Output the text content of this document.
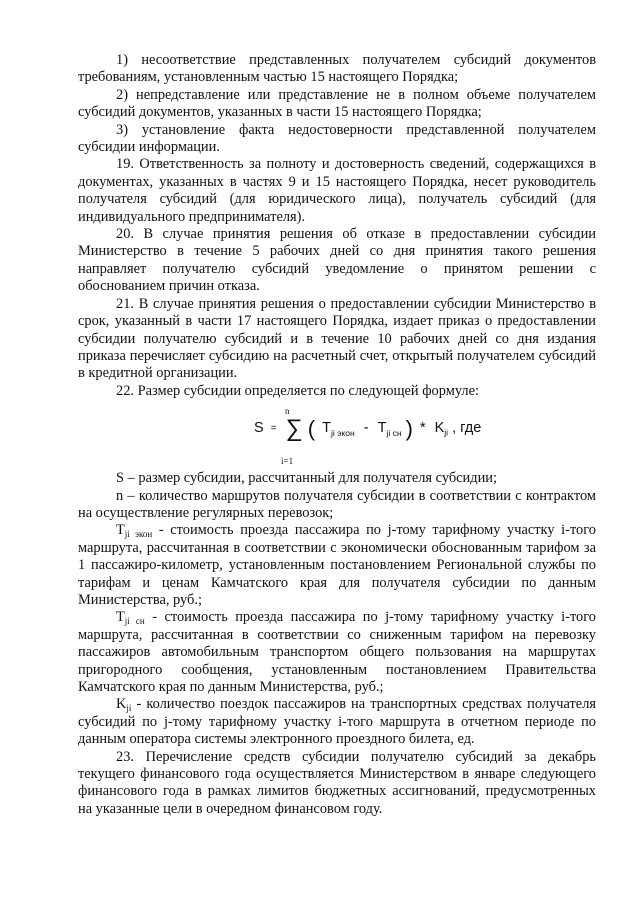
1) несоответствие представленных получателем субсидий документов требованиям, установленным частью 15 настоящего Порядка;

2) непредставление или представление не в полном объеме получателем субсидий документов, указанных в части 15 настоящего Порядка;

3) установление факта недостоверности представленной получателем субсидии информации.

19. Ответственность за полноту и достоверность сведений, содержащихся в документах, указанных в частях 9 и 15 настоящего Порядка, несет руководитель получателя субсидий (для юридического лица), получатель субсидий (для индивидуального предпринимателя).

20. В случае принятия решения об отказе в предоставлении субсидии Министерство в течение 5 рабочих дней со дня принятия такого решения направляет получателю субсидий уведомление о принятом решении с обоснованием причин отказа.

21. В случае принятия решения о предоставлении субсидии Министерство в срок, указанный в части 17 настоящего Порядка, издает приказ о предоставлении субсидии получателю субсидий и в течение 10 рабочих дней со дня издания приказа перечисляет субсидию на расчетный счет, открытый получателем субсидий в кредитной организации.

22. Размер субсидии определяется по следующей формуле:

n
i=1
S = ∑ ( $T_{ji экон} - T_{ji сн}$ ) * $K_{ji}$ , где

S – размер субсидии, рассчитанный для получателя субсидии;

n – количество маршрутов получателя субсидии в соответствии с контрактом на осуществление регулярных перевозок;

$T_{ji экон}$ - стоимость проезда пассажира по j-тому тарифному участку i-того маршрута, рассчитанная в соответствии с экономически обоснованным тарифом за 1 пассажиро-километр, установленным постановлением Региональной службы по тарифам и ценам Камчатского края для получателя субсидии по данным Министерства, руб.;

$T_{ji сн}$ - стоимость проезда пассажира по j-тому тарифному участку i-того маршрута, рассчитанная в соответствии со сниженным тарифом на перевозку пассажиров автомобильным транспортом общего пользования на маршрутах пригородного сообщения, установленным постановлением Правительства Камчатского края по данным Министерства, руб.;

$K_{ji}$ - количество поездок пассажиров на транспортных средствах получателя субсидий по j-тому тарифному участку i-того маршрута в отчетном периоде по данным оператора системы электронного проездного билета, ед.

23. Перечисление средств субсидии получателю субсидий за декабрь текущего финансового года осуществляется Министерством в январе следующего финансового года в рамках лимитов бюджетных ассигнований, предусмотренных на указанные цели в очередном финансовом году.
